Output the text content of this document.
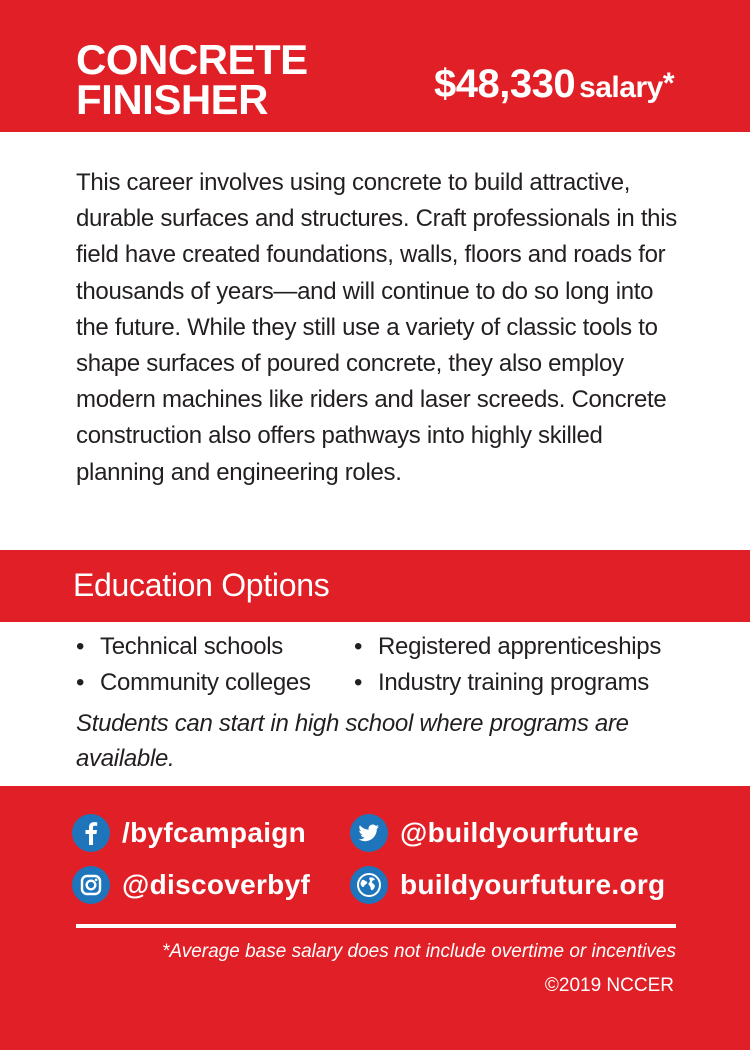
CONCRETE
FINISHER	$48,330 salary*
This career involves using concrete to build attractive, durable surfaces and structures. Craft professionals in this field have created foundations, walls, floors and roads for thousands of years—and will continue to do so long into the future. While they still use a variety of classic tools to shape surfaces of poured concrete, they also employ modern machines like riders and laser screeds. Concrete construction also offers pathways into highly skilled planning and engineering roles.
Education Options
• Technical schools	• Registered apprenticeships
• Community colleges	• Industry training programs
Students can start in high school where programs are available.
/byfcampaign	@buildyourfuture
@discoverbyf	buildyourfuture.org
*Average base salary does not include overtime or incentives
©2019 NCCER
